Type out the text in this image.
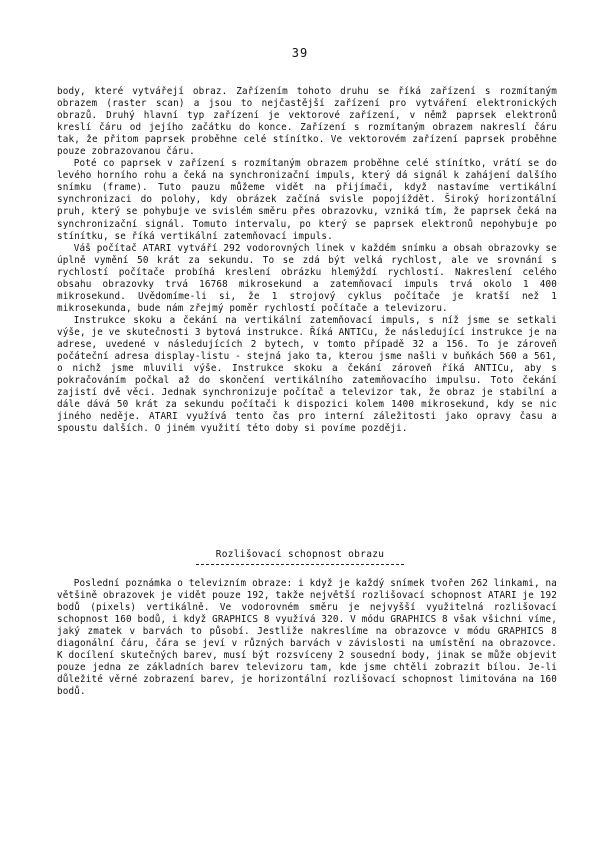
39

body, které vytvářejí obraz. Zařízením tohoto druhu se říká zařízení s rozmítaným obrazem (raster scan) a jsou to nejčastější zařízení pro vytváření elektronických obrazů. Druhý hlavní typ zařízení je vektorové zařízení, v němž paprsek elektronů kreslí čáru od jejího začátku do konce. Zařízení s rozmítaným obrazem nakreslí čáru tak, že přitom paprsek proběhne celé stínítko. Ve vektorovém zařízení paprsek proběhne pouze zobrazovanou čáru.

Poté co paprsek v zařízení s rozmítaným obrazem proběhne celé stínítko, vrátí se do levého horního rohu a čeká na synchronizační impuls, který dá signál k zahájení dalšího snímku (frame). Tuto pauzu můžeme vidět na přijímači, když nastavíme vertikální synchronizaci do polohy, kdy obrázek začíná svisle popojíždět. Široký horizontální pruh, který se pohybuje ve svislém směru přes obrazovku, vzniká tím, že paprsek čeká na synchronizační signál. Tomuto intervalu, po který se paprsek elektronů nepohybuje po stínítku, se říká vertikální zatemňovací impuls.

Váš počítač ATARI vytváří 292 vodorovných linek v každém snímku a obsah obrazovky se úplně vymění 50 krát za sekundu. To se zdá být velká rychlost, ale ve srovnání s rychlostí počítače probíhá kreslení obrázku hlemýždí rychlostí. Nakreslení celého obsahu obrazovky trvá 16768 mikrosekund a zatemňovací impuls trvá okolo 1 400 mikrosekund. Uvědomíme-li si, že 1 strojový cyklus počítače je kratší než 1 mikrosekunda, bude nám zřejmý poměr rychlostí počítače a televizoru.

Instrukce skoku a čekání na vertikální zatemňovací impuls, s níž jsme se setkali výše, je ve skutečnosti 3 bytová instrukce. Říká ANTICu, že následující instrukce je na adrese, uvedené v následujících 2 bytech, v tomto případě 32 a 156. To je zároveň počáteční adresa display-listu - stejná jako ta, kterou jsme našli v buňkách 560 a 561, o nichž jsme mluvili výše. Instrukce skoku a čekání zároveň říká ANTICu, aby s pokračováním počkal až do skončení vertikálního zatemňovacího impulsu. Toto čekání zajistí dvě věci. Jednak synchronizuje počítač a televizor tak, že obraz je stabilní a dále dává 50 krát za sekundu počítači k dispozici kolem 1400 mikrosekund, kdy se nic jiného neděje. ATARI využívá tento čas pro interní záležitosti jako opravy času a spoustu dalších. O jiném využití této doby si povíme později.

Rozlišovací schopnost obrazu

Poslední poznámka o televizním obraze: i když je každý snímek tvořen 262 linkami, na většině obrazovek je vidět pouze 192, takže největší rozlišovací schopnost ATARI je 192 bodů (pixels) vertikálně. Ve vodorovném směru je nejvyšší využitelná rozlišovací schopnost 160 bodů, i když GRAPHICS 8 využívá 320. V módu GRAPHICS 8 však všichni víme, jaký zmatek v barvách to působí. Jestliže nakreslíme na obrazovce v módu GRAPHICS 8 diagonální čáru, čára se jeví v různých barvách v závislosti na umístění na obrazovce. K docílení skutečných barev, musí být rozsvíceny 2 sousední body, jinak se může objevit pouze jedna ze základních barev televizoru tam, kde jsme chtěli zobrazit bílou. Je-li důležité věrné zobrazení barev, je horizontální rozlišovací schopnost limitována na 160 bodů.
